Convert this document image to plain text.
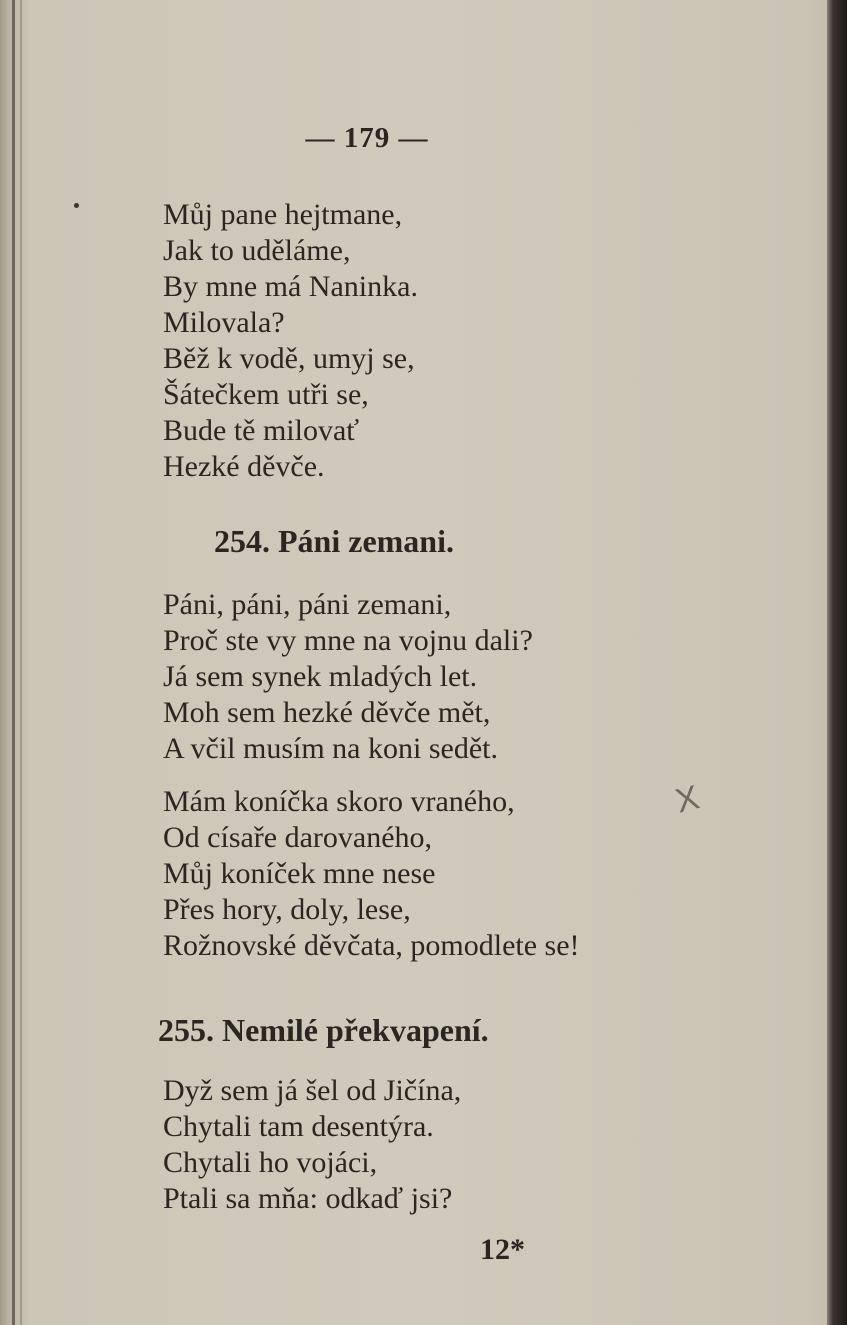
— 179 —
Můj pane hejtmane,
Jak to uděláme,
By mne má Naninka.
Milovala?
Běž k vodě, umyj se,
Šátečkem utři se,
Bude tě milovať
Hezké děvče.
254. Páni zemani.
Páni, páni, páni zemani,
Proč ste vy mne na vojnu dali?
Já sem synek mladých let.
Moh sem hezké děvče mět,
A včil musím na koni sedět.
Mám koníčka skoro vraného,
Od císaře darovaného,
Můj koníček mne nese
Přes hory, doly, lese,
Rožnovské děvčata, pomodlete se!
X
255. Nemilé překvapení.
Dyž sem já šel od Jičína,
Chytali tam desentýra.
Chytali ho vojáci,
Ptali sa mňa: odkaď jsi?
12*
